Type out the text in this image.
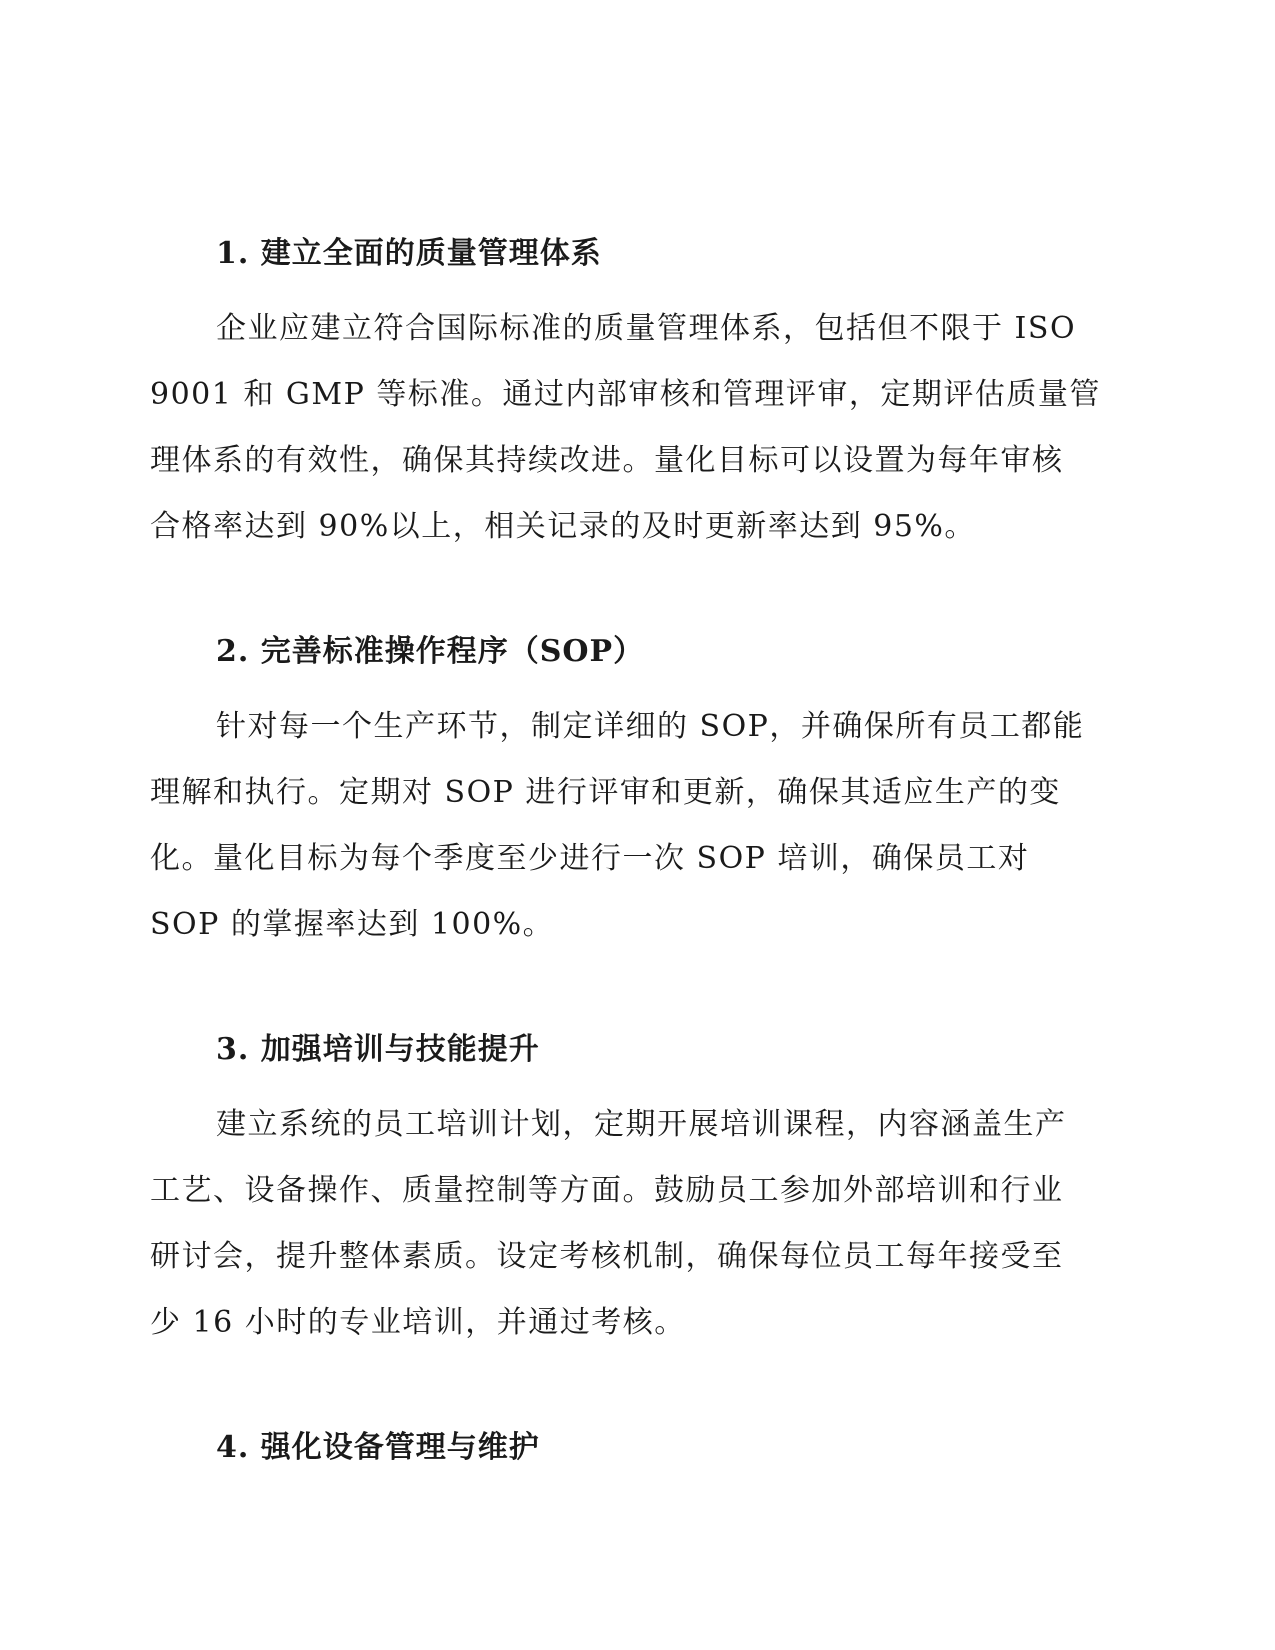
1. 建立全面的质量管理体系

企业应建立符合国际标准的质量管理体系，包括但不限于 ISO
9001 和 GMP 等标准。通过内部审核和管理评审，定期评估质量管
理体系的有效性，确保其持续改进。量化目标可以设置为每年审核
合格率达到 90%以上，相关记录的及时更新率达到 95%。

2. 完善标准操作程序（SOP）

针对每一个生产环节，制定详细的 SOP，并确保所有员工都能
理解和执行。定期对 SOP 进行评审和更新，确保其适应生产的变
化。量化目标为每个季度至少进行一次 SOP 培训，确保员工对
SOP 的掌握率达到 100%。

3. 加强培训与技能提升

建立系统的员工培训计划，定期开展培训课程，内容涵盖生产
工艺、设备操作、质量控制等方面。鼓励员工参加外部培训和行业
研讨会，提升整体素质。设定考核机制，确保每位员工每年接受至
少 16 小时的专业培训，并通过考核。

4. 强化设备管理与维护
